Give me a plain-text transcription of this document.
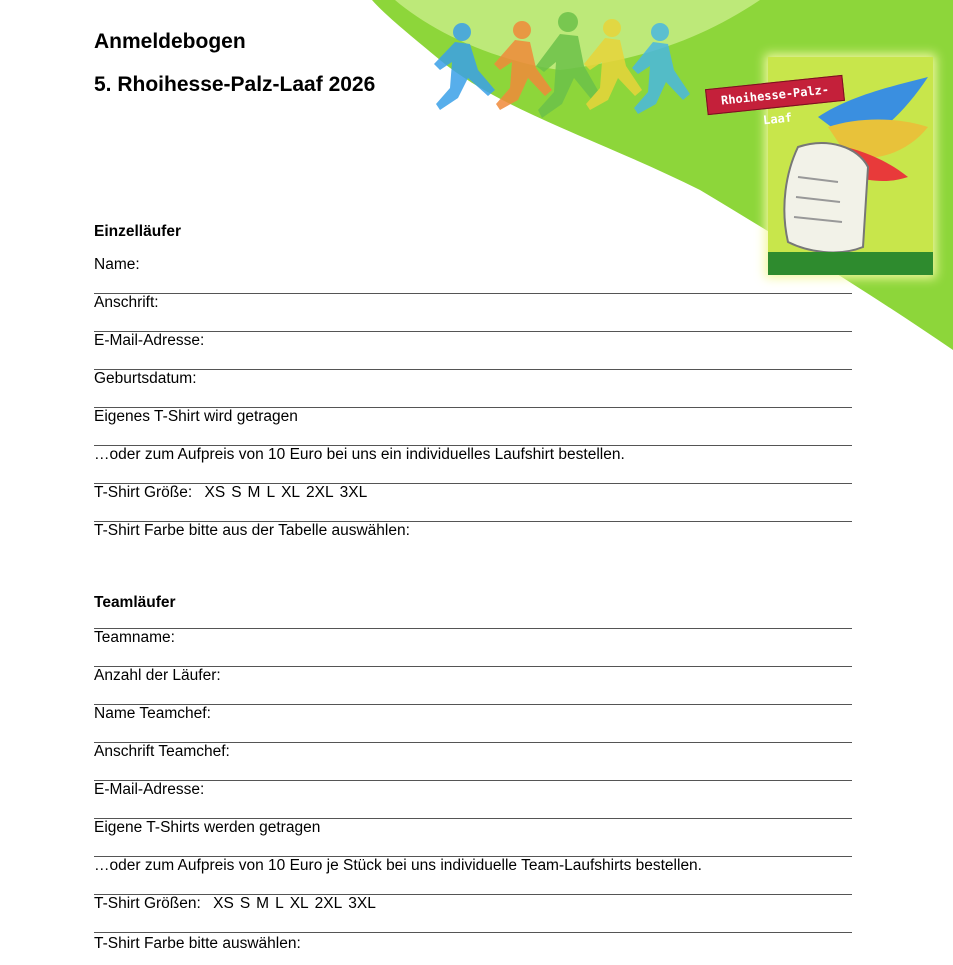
Rhoihesse-Palz-Laaf
Anmeldebogen
5. Rhoihesse-Palz-Laaf 2026
Einzelläufer
Name:
Anschrift:
E-Mail-Adresse:
Geburtsdatum:
Eigenes T-Shirt wird getragen
…oder zum Aufpreis von 10 Euro bei uns ein individuelles Laufshirt bestellen.
T-Shirt Größe: XS S M L XL 2XL 3XL
T-Shirt Farbe bitte aus der Tabelle auswählen:
Teamläufer
Teamname:
Anzahl der Läufer:
Name Teamchef:
Anschrift Teamchef:
E-Mail-Adresse:
Eigene T-Shirts werden getragen
…oder zum Aufpreis von 10 Euro je Stück bei uns individuelle Team-Laufshirts bestellen.
T-Shirt Größen: XS S M L XL 2XL 3XL
T-Shirt Farbe bitte auswählen:
